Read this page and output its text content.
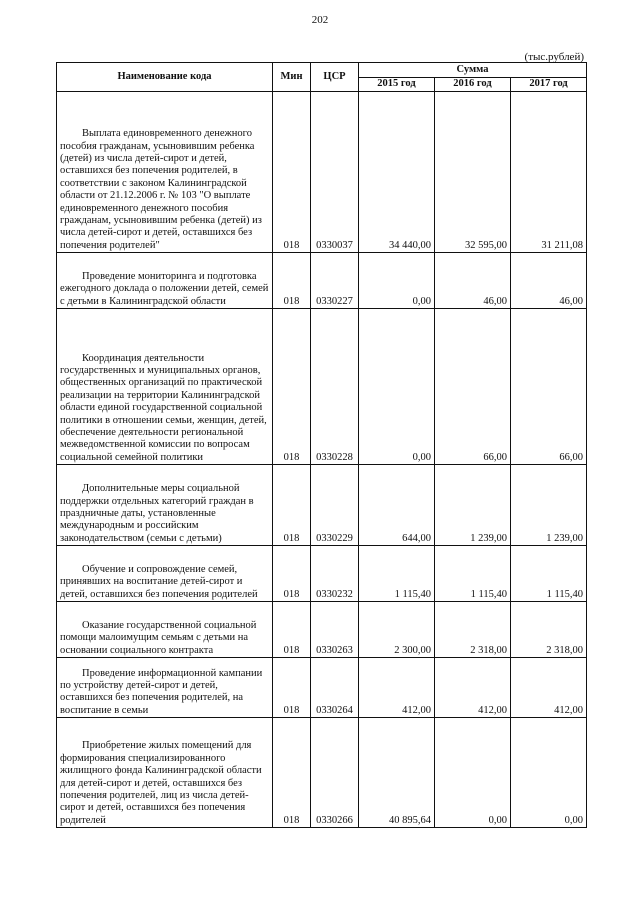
202
(тыс.рублей)
Наименование кода	Мин	ЦСР	Сумма		
			2015 год	2016 год	2017 год

Выплата единовременного денежного пособия гражданам, усыновившим ребенка (детей) из числа детей-сирот и детей, оставшихся без попечения родителей, в соответствии с законом Калининградской области от 21.12.2006 г. № 103 "О выплате единовременного денежного пособия гражданам, усыновившим ребенка (детей) из числа детей-сирот и детей, оставшихся без попечения родителей"	018	0330037	34 440,00	32 595,00	31 211,08

Проведение мониторинга и подготовка ежегодного доклада о положении детей, семей с детьми в Калининградской области	018	0330227	0,00	46,00	46,00

Координация деятельности государственных и муниципальных органов, общественных организаций по практической реализации на территории Калининградской области единой государственной социальной политики в отношении семьи, женщин, детей, обеспечение деятельности региональной межведомственной комиссии по вопросам социальной семейной политики	018	0330228	0,00	66,00	66,00

Дополнительные меры социальной поддержки отдельных категорий граждан в праздничные даты, установленные международным и российским законодательством (семьи с детьми)	018	0330229	644,00	1 239,00	1 239,00

Обучение и сопровождение семей, принявших на воспитание детей-сирот и детей, оставшихся без попечения родителей	018	0330232	1 115,40	1 115,40	1 115,40

Оказание государственной социальной помощи малоимущим семьям с детьми на основании социального контракта	018	0330263	2 300,00	2 318,00	2 318,00

Проведение информационной кампании по устройству детей-сирот и детей, оставшихся без попечения родителей, на воспитание в семьи	018	0330264	412,00	412,00	412,00

Приобретение жилых помещений для формирования специализированного жилищного фонда Калининградской области для детей-сирот и детей, оставшихся без попечения родителей, лиц из числа детей-сирот и детей, оставшихся без попечения родителей	018	0330266	40 895,64	0,00	0,00
